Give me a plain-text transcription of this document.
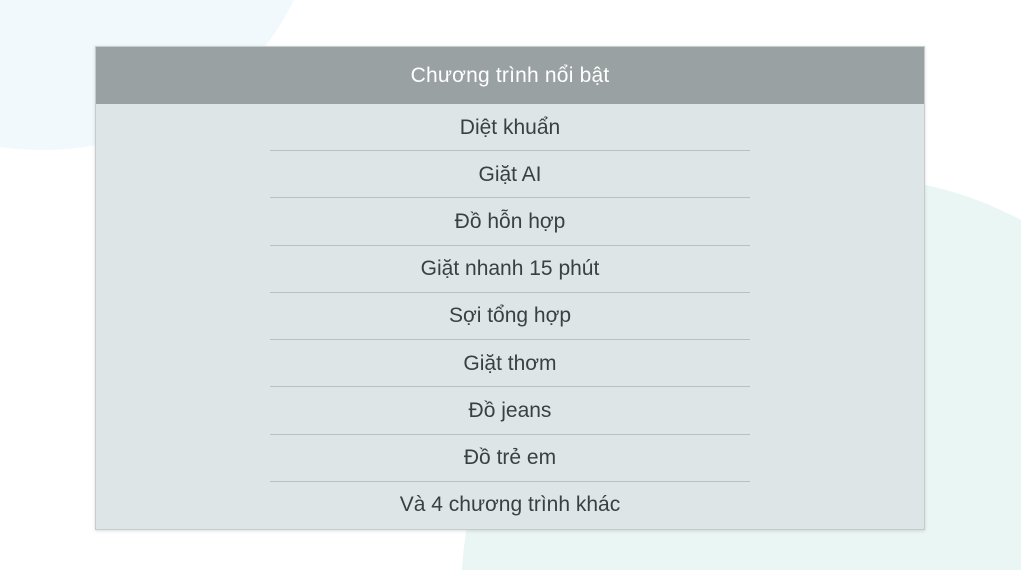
Chương trình nổi bật
Diệt khuẩn
Giặt AI
Đồ hỗn hợp
Giặt nhanh 15 phút
Sợi tổng hợp
Giặt thơm
Đồ jeans
Đồ trẻ em
Và 4 chương trình khác
